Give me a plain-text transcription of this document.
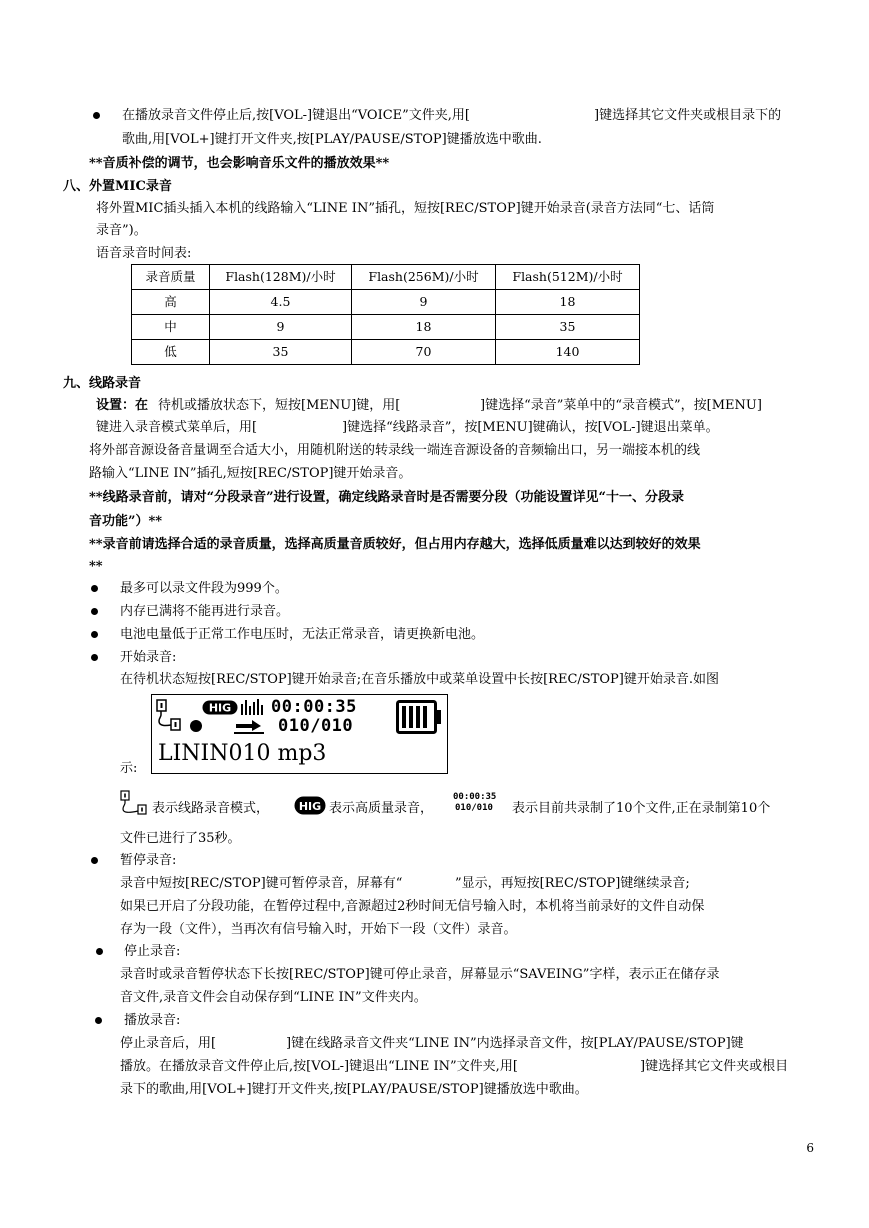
在播放录音文件停止后,按[VOL-]键退出“VOICE”文件夹,用[	]键选择其它文件夹或根目录下的
歌曲,用[VOL+]键打开文件夹,按[PLAY/PAUSE/STOP]键播放选中歌曲.
**音质补偿的调节，也会影响音乐文件的播放效果**
八、外置MIC录音
将外置MIC插头插入本机的线路输入“LINE IN”插孔，短按[REC/STOP]键开始录音(录音方法同“七、话筒
录音”)。
语音录音时间表:
录音质量	Flash(128M)/小时	Flash(256M)/小时	Flash(512M)/小时
高	4.5	9	18
中	9	18	35
低	35	70	140
九、线路录音
设置：在 待机或播放状态下，短按[MENU]键，用[	]键选择“录音”菜单中的“录音模式”，按[MENU]
键进入录音模式菜单后，用[	]键选择“线路录音”，按[MENU]键确认，按[VOL-]键退出菜单。
将外部音源设备音量调至合适大小，用随机附送的转录线一端连音源设备的音频输出口，另一端接本机的线
路输入“LINE IN”插孔,短按[REC/STOP]键开始录音。
**线路录音前，请对“分段录音”进行设置，确定线路录音时是否需要分段（功能设置详见“十一、分段录
音功能”）**
**录音前请选择合适的录音质量，选择高质量音质较好，但占用内存越大，选择低质量难以达到较好的效果
**
最多可以录文件段为999个。
内存已满将不能再进行录音。
电池电量低于正常工作电压时，无法正常录音，请更换新电池。
开始录音:
在待机状态短按[REC/STOP]键开始录音;在音乐播放中或菜单设置中长按[REC/STOP]键开始录音.如图
HIG 00:00:35
010/010
LININ010 mp3
示:
表示线路录音模式，	HIG 表示高质量录音，
00:00:35
010/010 表示目前共录制了10个文件,正在录制第10个
文件已进行了35秒。
暂停录音:
录音中短按[REC/STOP]键可暂停录音，屏幕有“	”显示，再短按[REC/STOP]键继续录音;
如果已开启了分段功能，在暂停过程中,音源超过2秒时间无信号输入时，本机将当前录好的文件自动保
存为一段（文件），当再次有信号输入时，开始下一段（文件）录音。
停止录音:
录音时或录音暂停状态下长按[REC/STOP]键可停止录音，屏幕显示“SAVEING”字样，表示正在储存录
音文件,录音文件会自动保存到“LINE IN”文件夹内。
播放录音:
停止录音后，用[	]键在线路录音文件夹“LINE IN”内选择录音文件，按[PLAY/PAUSE/STOP]键
播放。在播放录音文件停止后,按[VOL-]键退出“LINE IN”文件夹,用[	]键选择其它文件夹或根目
录下的歌曲,用[VOL+]键打开文件夹,按[PLAY/PAUSE/STOP]键播放选中歌曲。
6
